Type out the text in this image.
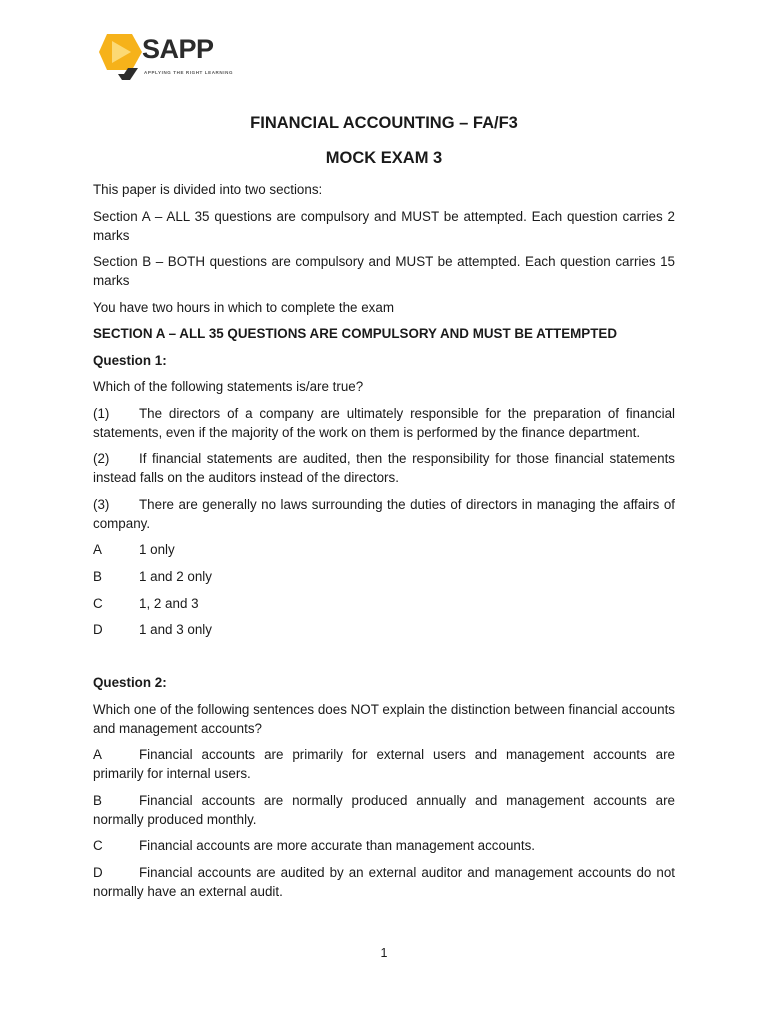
SAPP
APPLYING THE RIGHT LEARNING
FINANCIAL ACCOUNTING – FA/F3
MOCK EXAM 3

This paper is divided into two sections:

Section A – ALL 35 questions are compulsory and MUST be attempted. Each question carries 2 marks

Section B – BOTH questions are compulsory and MUST be attempted. Each question carries 15 marks

You have two hours in which to complete the exam

SECTION A – ALL 35 QUESTIONS ARE COMPULSORY AND MUST BE ATTEMPTED

Question 1:

Which of the following statements is/are true?

(1) The directors of a company are ultimately responsible for the preparation of financial statements, even if the majority of the work on them is performed by the finance department.

(2) If financial statements are audited, then the responsibility for those financial statements instead falls on the auditors instead of the directors.

(3) There are generally no laws surrounding the duties of directors in managing the affairs of company.

A	1 only
B	1 and 2 only
C	1, 2 and 3
D	1 and 3 only

Question 2:

Which one of the following sentences does NOT explain the distinction between financial accounts and management accounts?

A	Financial accounts are primarily for external users and management accounts are primarily for internal users.

B	Financial accounts are normally produced annually and management accounts are normally produced monthly.

C	Financial accounts are more accurate than management accounts.

D	Financial accounts are audited by an external auditor and management accounts do not normally have an external audit.

1
